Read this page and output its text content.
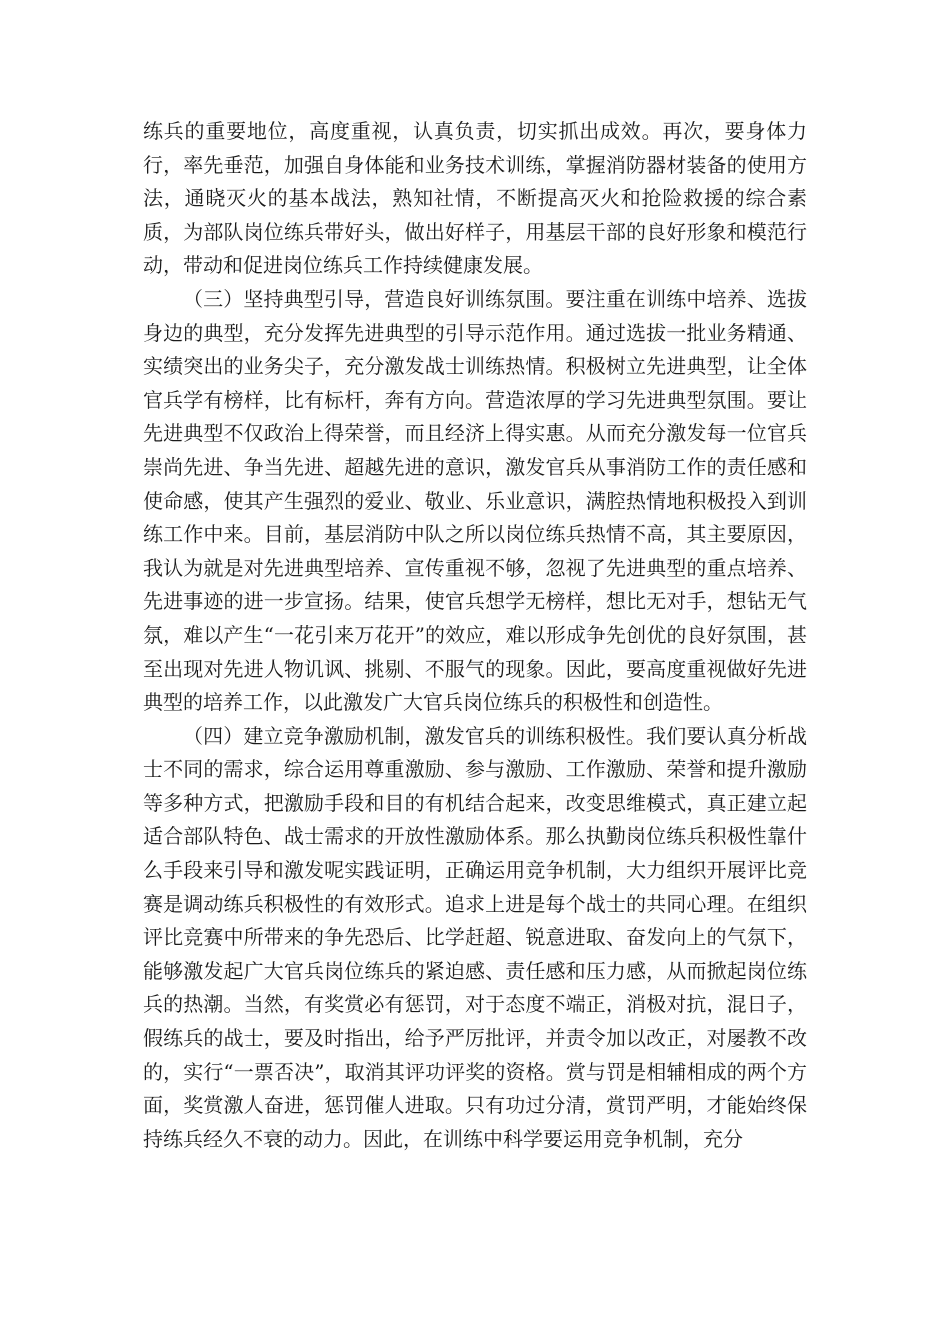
练兵的重要地位，高度重视，认真负责，切实抓出成效。再次，要身体力行，率先垂范，加强自身体能和业务技术训练，掌握消防器材装备的使用方法，通晓灭火的基本战法，熟知社情，不断提高灭火和抢险救援的综合素质，为部队岗位练兵带好头，做出好样子，用基层干部的良好形象和模范行动，带动和促进岗位练兵工作持续健康发展。

（三）坚持典型引导，营造良好训练氛围。要注重在训练中培养、选拔身边的典型，充分发挥先进典型的引导示范作用。通过选拔一批业务精通、实绩突出的业务尖子，充分激发战士训练热情。积极树立先进典型，让全体官兵学有榜样，比有标杆，奔有方向。营造浓厚的学习先进典型氛围。要让先进典型不仅政治上得荣誉，而且经济上得实惠。从而充分激发每一位官兵崇尚先进、争当先进、超越先进的意识，激发官兵从事消防工作的责任感和使命感，使其产生强烈的爱业、敬业、乐业意识，满腔热情地积极投入到训练工作中来。目前，基层消防中队之所以岗位练兵热情不高，其主要原因，我认为就是对先进典型培养、宣传重视不够，忽视了先进典型的重点培养、先进事迹的进一步宣扬。结果，使官兵想学无榜样，想比无对手，想钻无气氛，难以产生“一花引来万花开”的效应，难以形成争先创优的良好氛围，甚至出现对先进人物讥讽、挑剔、不服气的现象。因此，要高度重视做好先进典型的培养工作，以此激发广大官兵岗位练兵的积极性和创造性。

（四）建立竞争激励机制，激发官兵的训练积极性。我们要认真分析战士不同的需求，综合运用尊重激励、参与激励、工作激励、荣誉和提升激励等多种方式，把激励手段和目的有机结合起来，改变思维模式，真正建立起适合部队特色、战士需求的开放性激励体系。那么执勤岗位练兵积极性靠什么手段来引导和激发呢实践证明，正确运用竞争机制，大力组织开展评比竞赛是调动练兵积极性的有效形式。追求上进是每个战士的共同心理。在组织评比竞赛中所带来的争先恐后、比学赶超、锐意进取、奋发向上的气氛下，能够激发起广大官兵岗位练兵的紧迫感、责任感和压力感，从而掀起岗位练兵的热潮。当然，有奖赏必有惩罚，对于态度不端正，消极对抗，混日子，假练兵的战士，要及时指出，给予严厉批评，并责令加以改正，对屡教不改的，实行“一票否决”，取消其评功评奖的资格。赏与罚是相辅相成的两个方面，奖赏激人奋进，惩罚催人进取。只有功过分清，赏罚严明，才能始终保持练兵经久不衰的动力。因此，在训练中科学要运用竞争机制，充分
